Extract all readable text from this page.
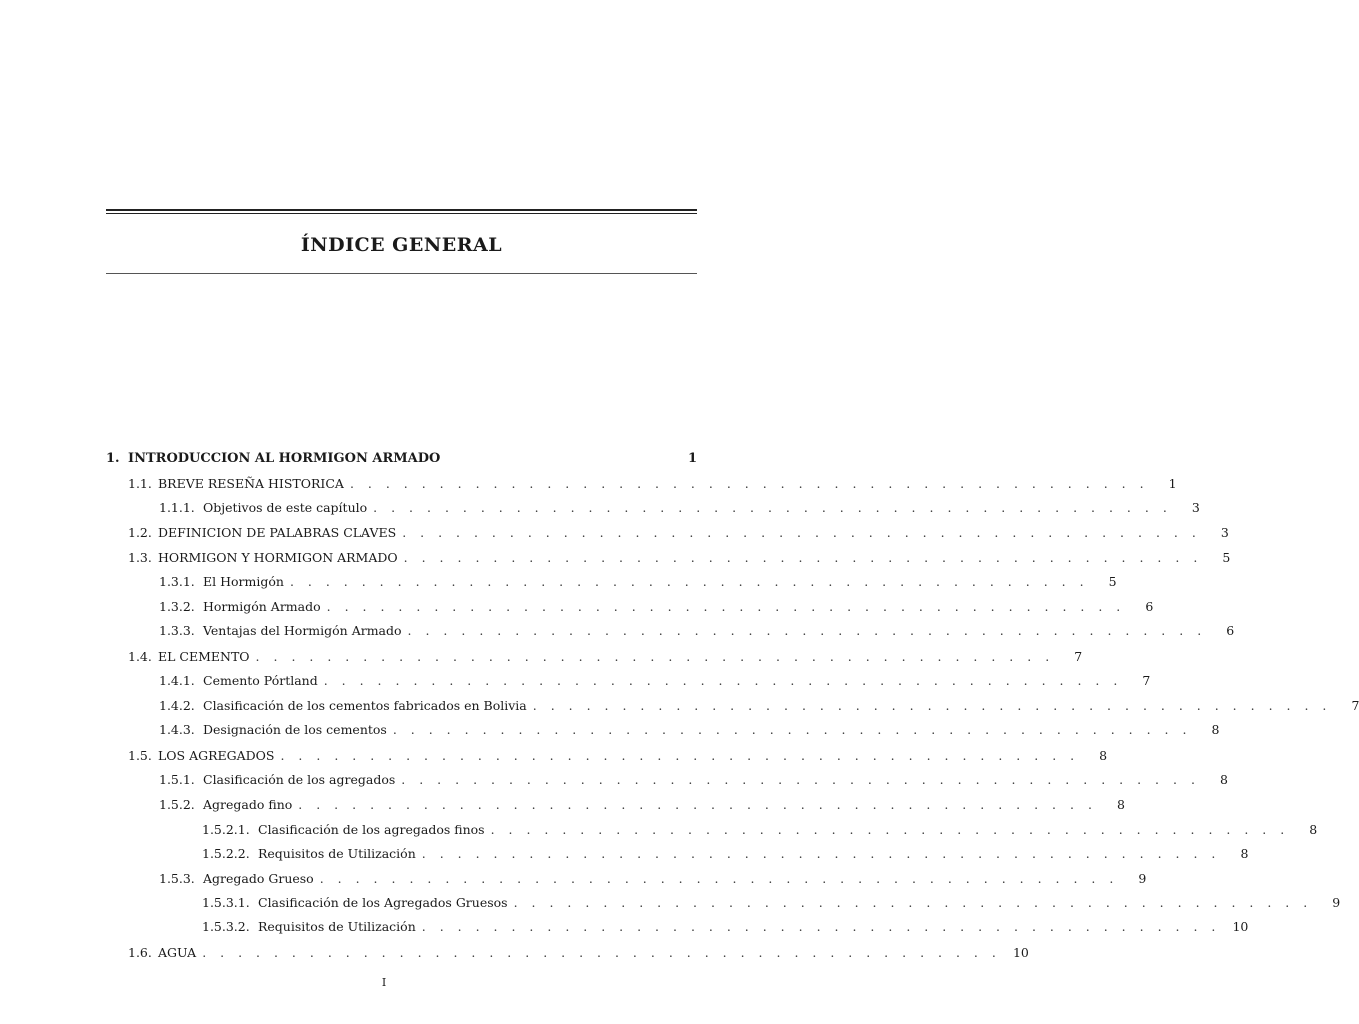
ÍNDICE GENERAL
1. INTRODUCCION AL HORMIGON ARMADO	1
1.1. BREVE RESEÑA HISTORICA . . . . . . . . . . . . . . . . . . . . . . . . . . . . . . . . . . . . . . . . . . . . .	1
1.1.1. Objetivos de este capítulo . . . . . . . . . . . . . . . . . . . . . . . . . . . . . . . . . . . . . . . . . . . . .	3
1.2. DEFINICION DE PALABRAS CLAVES . . . . . . . . . . . . . . . . . . . . . . . . . . . . . . . . . . . . . . . . . . . . .	3
1.3. HORMIGON Y HORMIGON ARMADO . . . . . . . . . . . . . . . . . . . . . . . . . . . . . . . . . . . . . . . . . . . . .	5
1.3.1. El Hormigón . . . . . . . . . . . . . . . . . . . . . . . . . . . . . . . . . . . . . . . . . . . . .	5
1.3.2. Hormigón Armado . . . . . . . . . . . . . . . . . . . . . . . . . . . . . . . . . . . . . . . . . . . . .	6
1.3.3. Ventajas del Hormigón Armado . . . . . . . . . . . . . . . . . . . . . . . . . . . . . . . . . . . . . . . . . . . . .	6
1.4. EL CEMENTO . . . . . . . . . . . . . . . . . . . . . . . . . . . . . . . . . . . . . . . . . . . . .	7
1.4.1. Cemento Pórtland . . . . . . . . . . . . . . . . . . . . . . . . . . . . . . . . . . . . . . . . . . . . .	7
1.4.2. Clasificación de los cementos fabricados en Bolivia . . . . . . . . . . . . . . . . . . . . . . . . . . . . . . . . . . . . . . . . . . . . .	7
1.4.3. Designación de los cementos . . . . . . . . . . . . . . . . . . . . . . . . . . . . . . . . . . . . . . . . . . . . .	8
1.5. LOS AGREGADOS . . . . . . . . . . . . . . . . . . . . . . . . . . . . . . . . . . . . . . . . . . . . .	8
1.5.1. Clasificación de los agregados . . . . . . . . . . . . . . . . . . . . . . . . . . . . . . . . . . . . . . . . . . . . .	8
1.5.2. Agregado fino . . . . . . . . . . . . . . . . . . . . . . . . . . . . . . . . . . . . . . . . . . . . .	8
1.5.2.1. Clasificación de los agregados finos . . . . . . . . . . . . . . . . . . . . . . . . . . . . . . . . . . . . . . . . . . . . .	8
1.5.2.2. Requisitos de Utilización . . . . . . . . . . . . . . . . . . . . . . . . . . . . . . . . . . . . . . . . . . . . .	8
1.5.3. Agregado Grueso . . . . . . . . . . . . . . . . . . . . . . . . . . . . . . . . . . . . . . . . . . . . .	9
1.5.3.1. Clasificación de los Agregados Gruesos . . . . . . . . . . . . . . . . . . . . . . . . . . . . . . . . . . . . . . . . . . . . .	9
1.5.3.2. Requisitos de Utilización . . . . . . . . . . . . . . . . . . . . . . . . . . . . . . . . . . . . . . . . . . . . . 10
1.6. AGUA . . . . . . . . . . . . . . . . . . . . . . . . . . . . . . . . . . . . . . . . . . . . . 10
I
